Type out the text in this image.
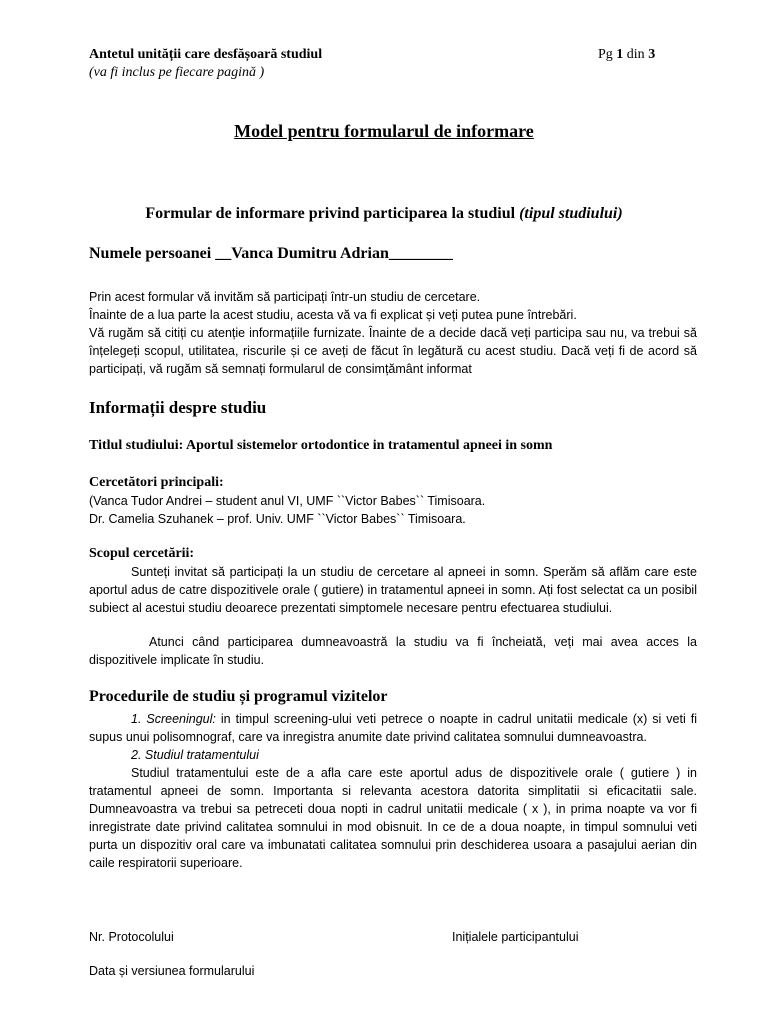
Antetul unității care desfășoară studiul
(va fi inclus pe fiecare pagină )
Pg 1 din 3
Model pentru formularul de informare
Formular de informare privind participarea la studiul (tipul studiului)
Numele persoanei __Vanca Dumitru Adrian________
Prin acest formular vă invităm să participați într-un studiu de cercetare.
Înainte de a lua parte la acest studiu, acesta vă va fi explicat și veți putea pune întrebări.
Vă rugăm să citiți cu atenție informațiile furnizate. Înainte de a decide dacă veți participa sau nu, va trebui să înțelegeți scopul, utilitatea, riscurile și ce aveți de făcut în legătură cu acest studiu. Dacă veți fi de acord să participați, vă rugăm să semnați formularul de consimțământ informat
Informații despre studiu
Titlul studiului: Aportul sistemelor ortodontice in tratamentul apneei in somn
Cercetători principali:
(Vanca Tudor Andrei – student anul VI, UMF ``Victor Babes`` Timisoara.
Dr. Camelia Szuhanek – prof. Univ. UMF ``Victor Babes`` Timisoara.
Scopul cercetării:
Sunteți invitat să participați la un studiu de cercetare al apneei in somn. Sperăm să aflăm care este aportul adus de catre dispozitivele orale ( gutiere) in tratamentul apneei in somn. Ați fost selectat ca un posibil subiect al acestui studiu deoarece prezentati simptomele necesare pentru efectuarea studiului.
Atunci când participarea dumneavoastră la studiu va fi încheiată, veți mai avea acces la dispozitivele implicate în studiu.
Procedurile de studiu și programul vizitelor
1. Screeningul: in timpul screening-ului veti petrece o noapte in cadrul unitatii medicale (x) si veti fi supus unui polisomnograf, care va inregistra anumite date privind calitatea somnului dumneavoastra.
2. Studiul tratamentului
Studiul tratamentului este de a afla care este aportul adus de dispozitivele orale ( gutiere ) in tratamentul apneei de somn. Importanta si relevanta acestora datorita simplitatii si eficacitatii sale. Dumneavoastra va trebui sa petreceti doua nopti in cadrul unitatii medicale ( x ), in prima noapte va vor fi inregistrate date privind calitatea somnului in mod obisnuit. In ce de a doua noapte, in timpul somnului veti purta un dispozitiv oral care va imbunatati calitatea somnului prin deschiderea usoara a pasajului aerian din caile respiratorii superioare.
Nr. Protocolului	Inițialele participantului
Data și versiunea formularului
